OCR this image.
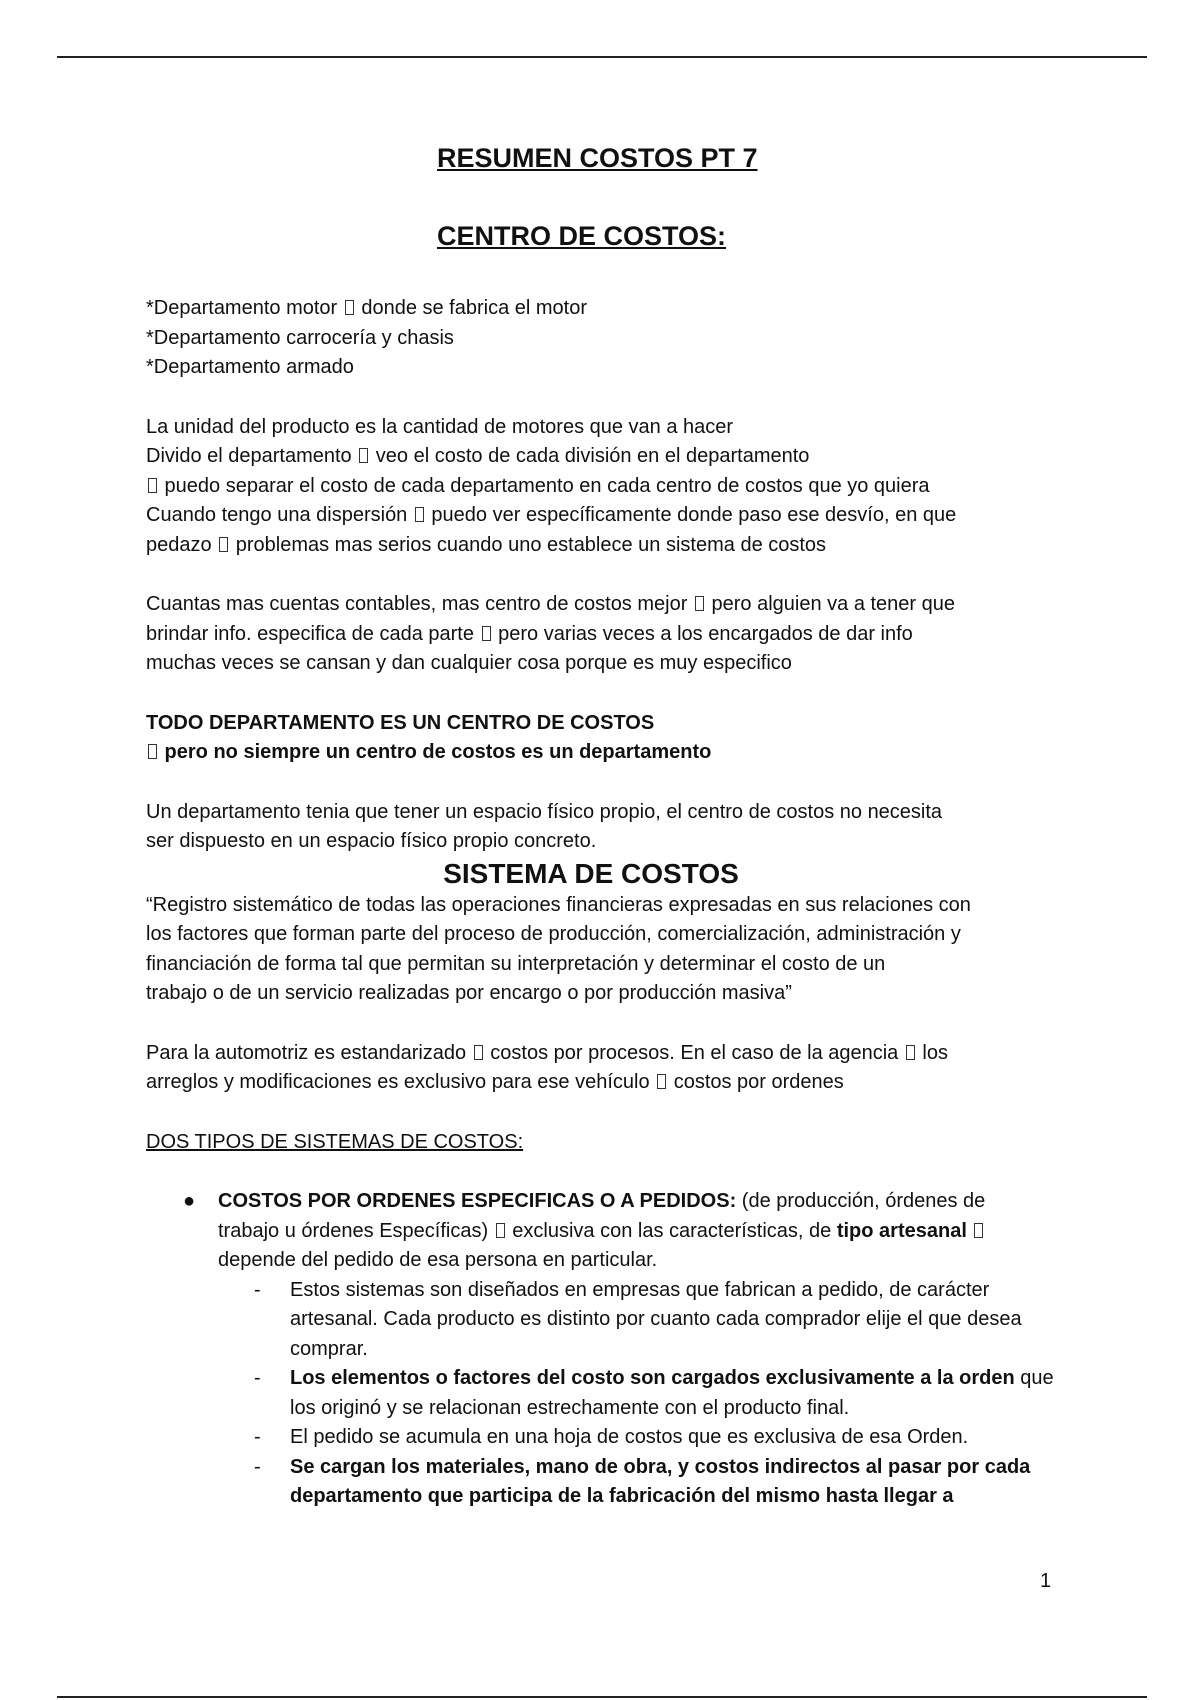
RESUMEN COSTOS PT 7
CENTRO DE COSTOS:

*Departamento motor  donde se fabrica el motor

*Departamento carrocería y chasis

*Departamento armado

La unidad del producto es la cantidad de motores que van a hacer

Divido el departamento  veo el costo de cada división en el departamento

puedo separar el costo de cada departamento en cada centro de costos que yo quiera

Cuando tengo una dispersión  puedo ver específicamente donde paso ese desvío, en que

pedazo  problemas mas serios cuando uno establece un sistema de costos

Cuantas mas cuentas contables, mas centro de costos mejor  pero alguien va a tener que

brindar info. especifica de cada parte  pero varias veces a los encargados de dar info

muchas veces se cansan y dan cualquier cosa porque es muy especifico

TODO DEPARTAMENTO ES UN CENTRO DE COSTOS

pero no siempre un centro de costos es un departamento

Un departamento tenia que tener un espacio físico propio, el centro de costos no necesita

ser dispuesto en un espacio físico propio concreto.

SISTEMA DE COSTOS

“Registro sistemático de todas las operaciones financieras expresadas en sus relaciones con

los factores que forman parte del proceso de producción, comercialización, administración y

financiación de forma tal que permitan su interpretación y determinar el costo de un

trabajo o de un servicio realizadas por encargo o por producción masiva”

Para la automotriz es estandarizado  costos por procesos. En el caso de la agencia  los

arreglos y modificaciones es exclusivo para ese vehículo  costos por ordenes

DOS TIPOS DE SISTEMAS DE COSTOS:

● COSTOS POR ORDENES ESPECIFICAS O A PEDIDOS: (de producción, órdenes de
trabajo u órdenes Específicas)  exclusiva con las características, de tipo artesanal
depende del pedido de esa persona en particular.
- Estos sistemas son diseñados en empresas que fabrican a pedido, de carácter artesanal. Cada producto es distinto por cuanto cada comprador elije el que desea comprar.
- Los elementos o factores del costo son cargados exclusivamente a la orden que los originó y se relacionan estrechamente con el producto final.
- El pedido se acumula en una hoja de costos que es exclusiva de esa Orden.
- Se cargan los materiales, mano de obra, y costos indirectos al pasar por cada departamento que participa de la fabricación del mismo hasta llegar a
1
